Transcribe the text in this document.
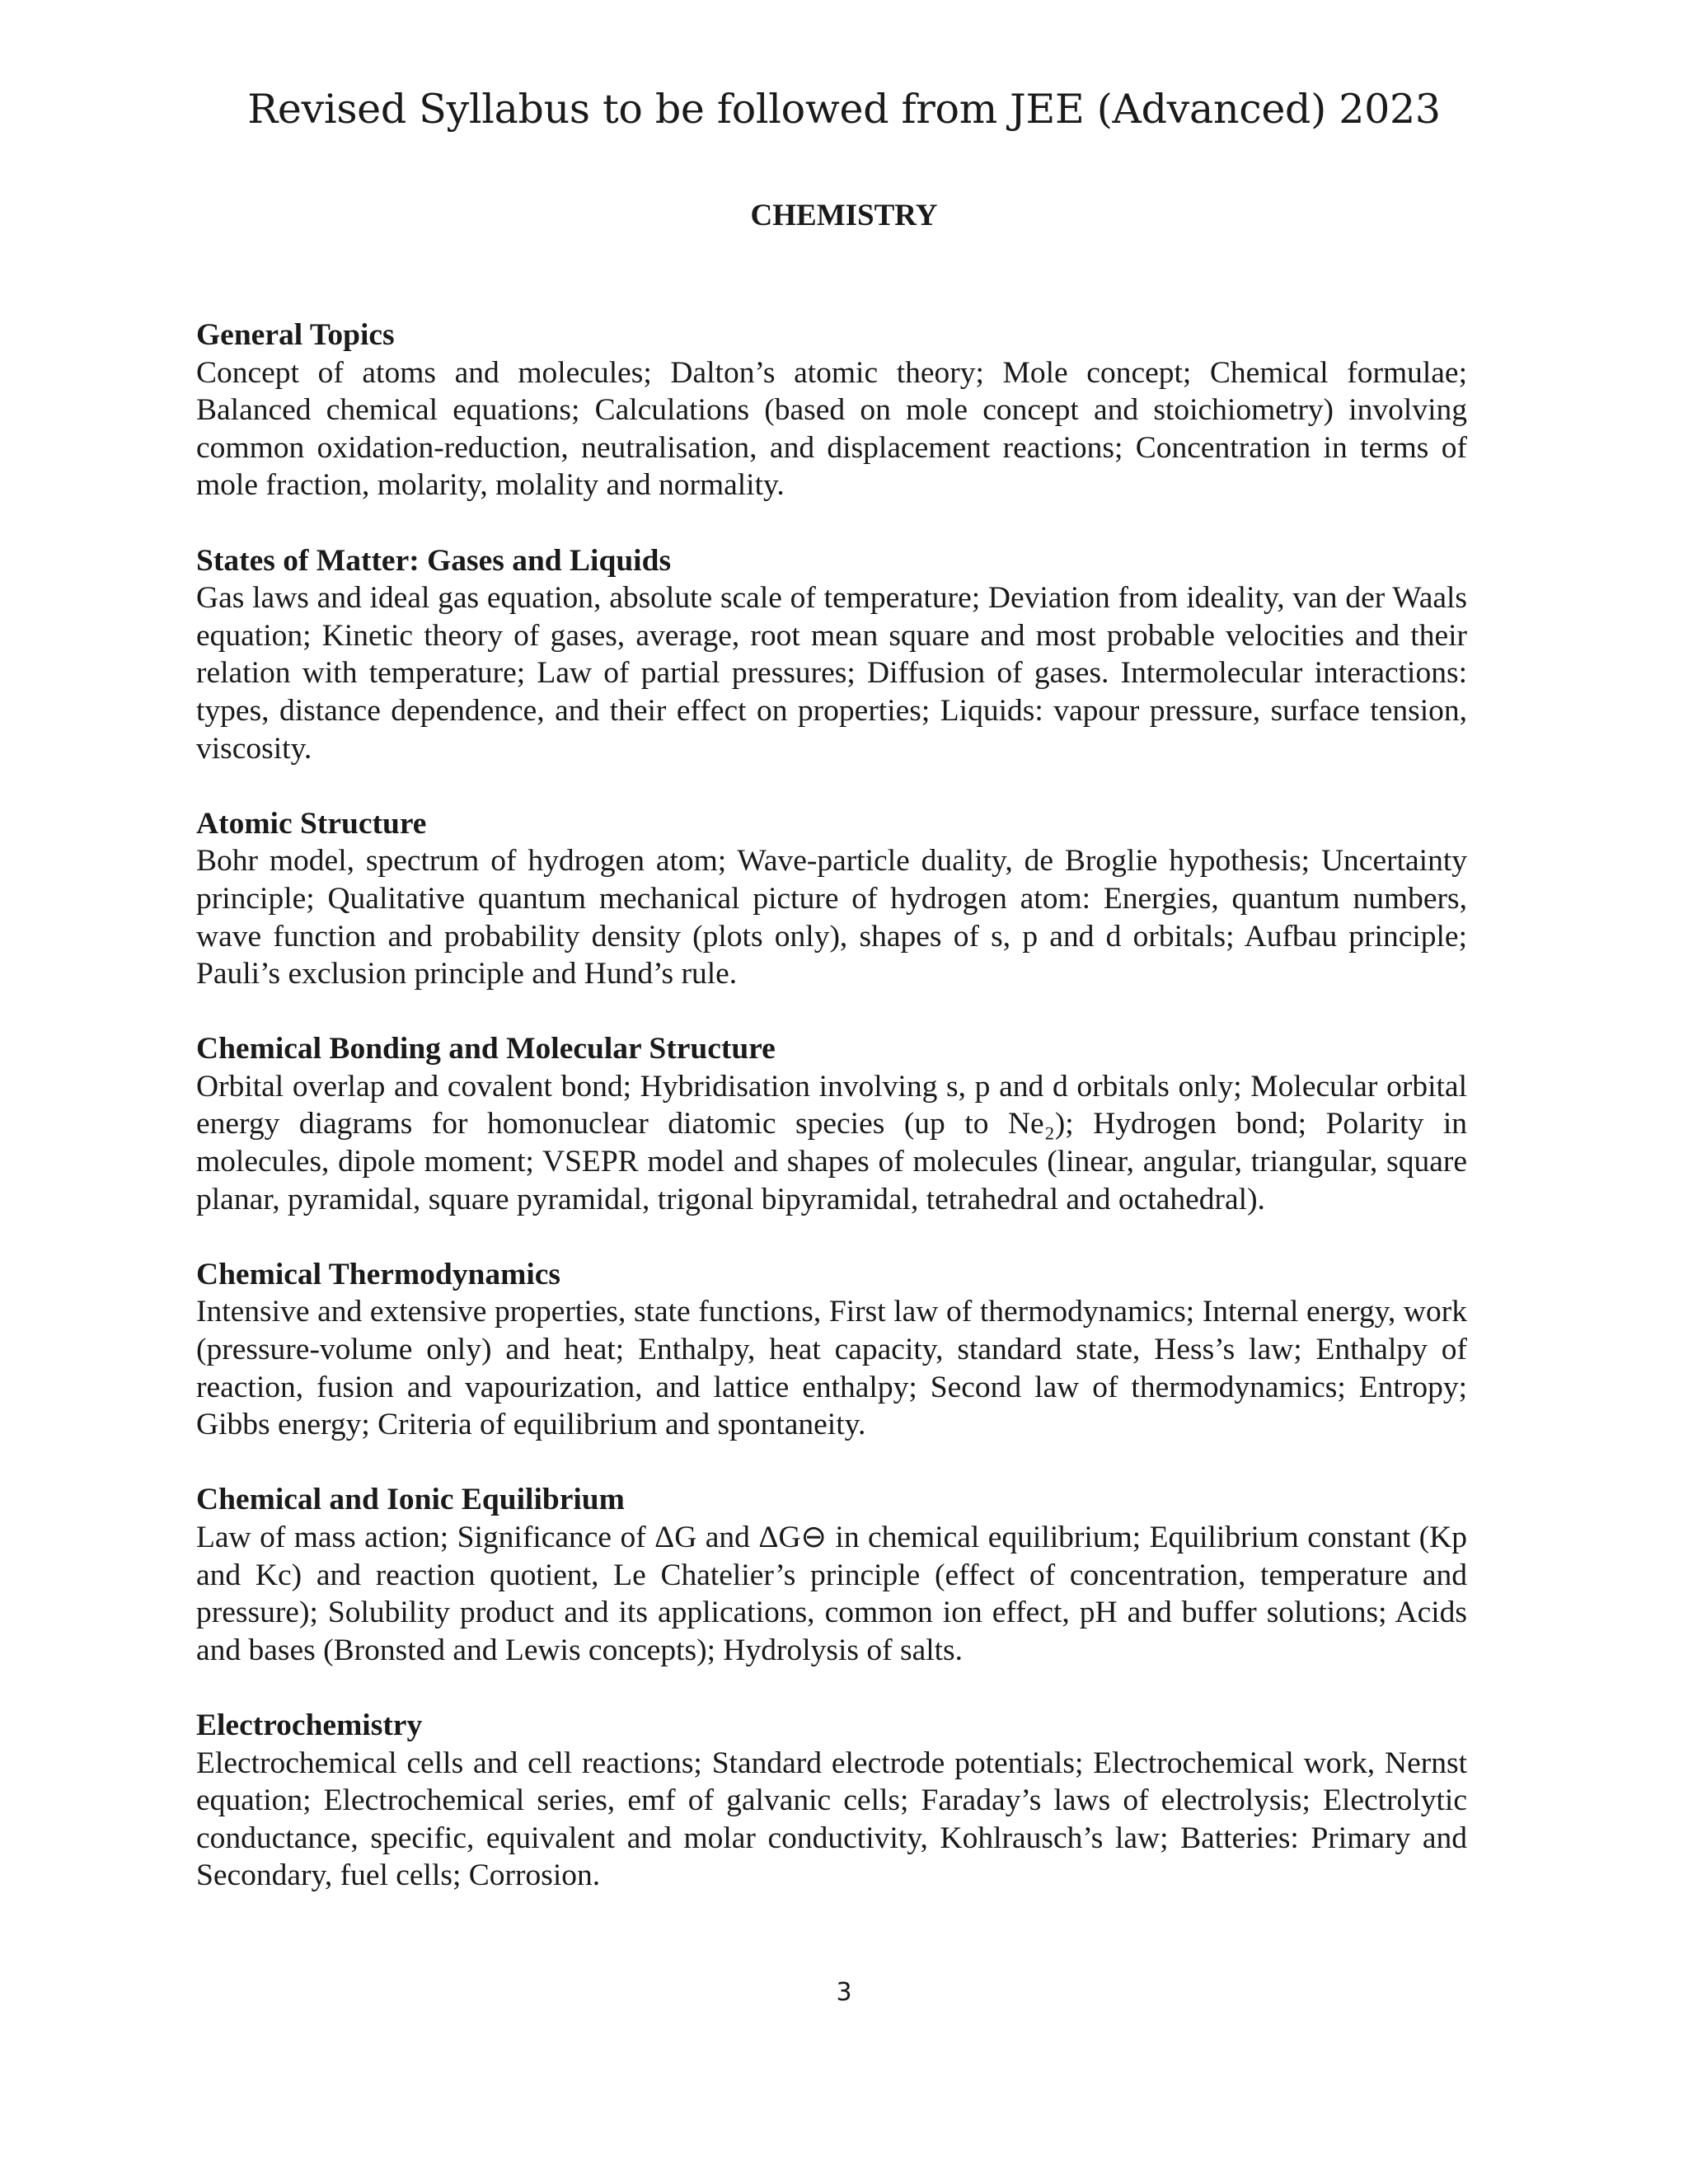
Revised Syllabus to be followed from JEE (Advanced) 2023
CHEMISTRY

General Topics

Concept of atoms and molecules; Dalton’s atomic theory; Mole concept; Chemical formulae; Balanced chemical equations; Calculations (based on mole concept and stoichiometry) involving common oxidation-reduction, neutralisation, and displacement reactions; Concentration in terms of mole fraction, molarity, molality and normality.

States of Matter: Gases and Liquids

Gas laws and ideal gas equation, absolute scale of temperature; Deviation from ideality, van der Waals equation; Kinetic theory of gases, average, root mean square and most probable velocities and their relation with temperature; Law of partial pressures; Diffusion of gases. Intermolecular interactions: types, distance dependence, and their effect on properties; Liquids: vapour pressure, surface tension, viscosity.

Atomic Structure

Bohr model, spectrum of hydrogen atom; Wave-particle duality, de Broglie hypothesis; Uncertainty principle; Qualitative quantum mechanical picture of hydrogen atom: Energies, quantum numbers, wave function and probability density (plots only), shapes of s, p and d orbitals; Aufbau principle; Pauli’s exclusion principle and Hund’s rule.

Chemical Bonding and Molecular Structure

Orbital overlap and covalent bond; Hybridisation involving s, p and d orbitals only; Molecular orbital energy diagrams for homonuclear diatomic species (up to Ne₂); Hydrogen bond; Polarity in molecules, dipole moment; VSEPR model and shapes of molecules (linear, angular, triangular, square planar, pyramidal, square pyramidal, trigonal bipyramidal, tetrahedral and octahedral).

Chemical Thermodynamics

Intensive and extensive properties, state functions, First law of thermodynamics; Internal energy, work (pressure-volume only) and heat; Enthalpy, heat capacity, standard state, Hess’s law; Enthalpy of reaction, fusion and vapourization, and lattice enthalpy; Second law of thermodynamics; Entropy; Gibbs energy; Criteria of equilibrium and spontaneity.

Chemical and Ionic Equilibrium

Law of mass action; Significance of ΔG and ΔG⊖ in chemical equilibrium; Equilibrium constant (Kp and Kc) and reaction quotient, Le Chatelier’s principle (effect of concentration, temperature and pressure); Solubility product and its applications, common ion effect, pH and buffer solutions; Acids and bases (Bronsted and Lewis concepts); Hydrolysis of salts.

Electrochemistry

Electrochemical cells and cell reactions; Standard electrode potentials; Electrochemical work, Nernst equation; Electrochemical series, emf of galvanic cells; Faraday’s laws of electrolysis; Electrolytic conductance, specific, equivalent and molar conductivity, Kohlrausch’s law; Batteries: Primary and Secondary, fuel cells; Corrosion.

3
